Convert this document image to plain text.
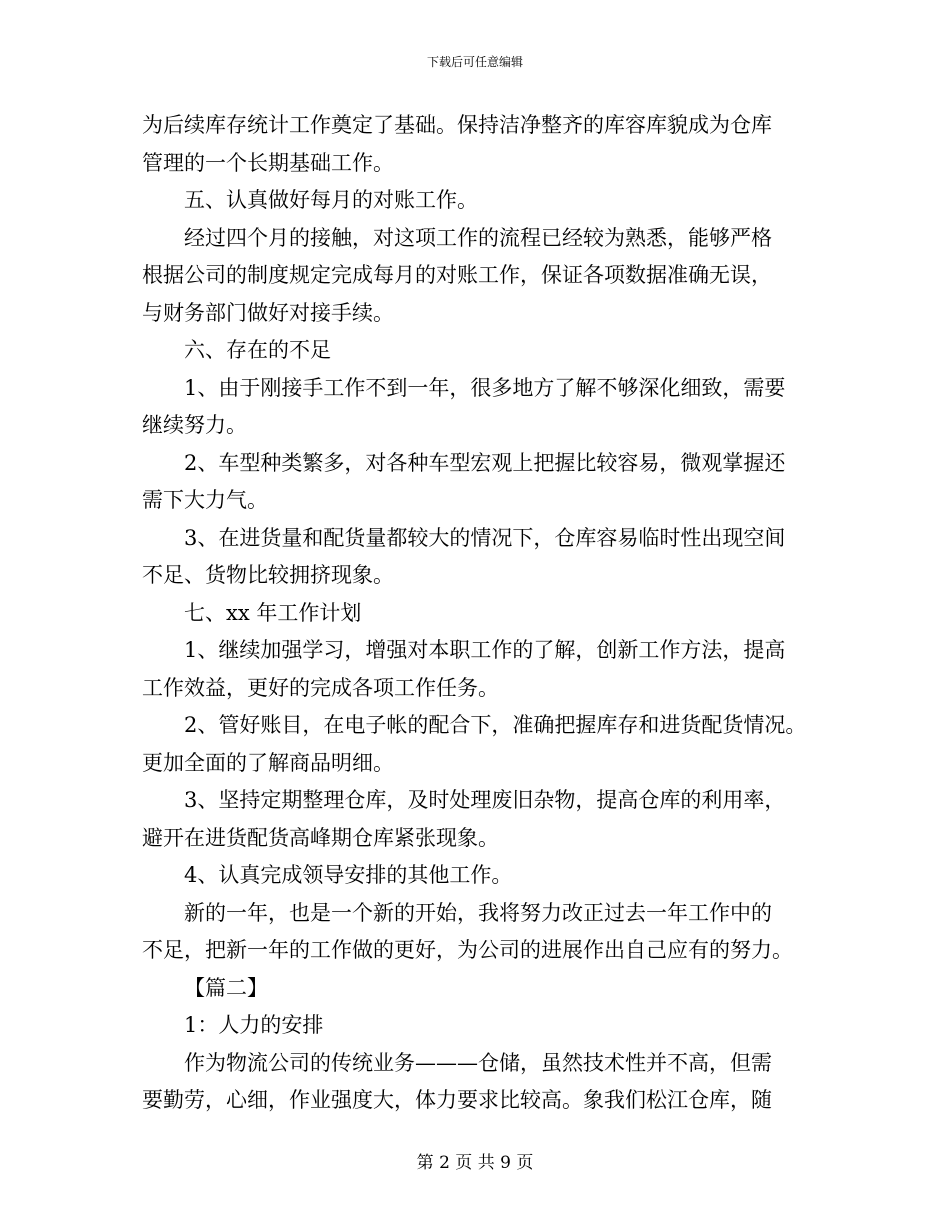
下载后可任意编辑
为后续库存统计工作奠定了基础。保持洁净整齐的库容库貌成为仓库
管理的一个长期基础工作。
五、认真做好每月的对账工作。
经过四个月的接触，对这项工作的流程已经较为熟悉，能够严格
根据公司的制度规定完成每月的对账工作，保证各项数据准确无误，
与财务部门做好对接手续。
六、存在的不足
1、由于刚接手工作不到一年，很多地方了解不够深化细致，需要
继续努力。
2、车型种类繁多，对各种车型宏观上把握比较容易，微观掌握还
需下大力气。
3、在进货量和配货量都较大的情况下，仓库容易临时性出现空间
不足、货物比较拥挤现象。
七、xx 年工作计划
1、继续加强学习，增强对本职工作的了解，创新工作方法，提高
工作效益，更好的完成各项工作任务。
2、管好账目，在电子帐的配合下，准确把握库存和进货配货情况。
更加全面的了解商品明细。
3、坚持定期整理仓库，及时处理废旧杂物，提高仓库的利用率，
避开在进货配货高峰期仓库紧张现象。
4、认真完成领导安排的其他工作。
新的一年，也是一个新的开始，我将努力改正过去一年工作中的
不足，把新一年的工作做的更好，为公司的进展作出自己应有的努力。
【篇二】
1：人力的安排
作为物流公司的传统业务———仓储，虽然技术性并不高，但需
要勤劳，心细，作业强度大，体力要求比较高。象我们松江仓库，随
第 2 页 共 9 页
